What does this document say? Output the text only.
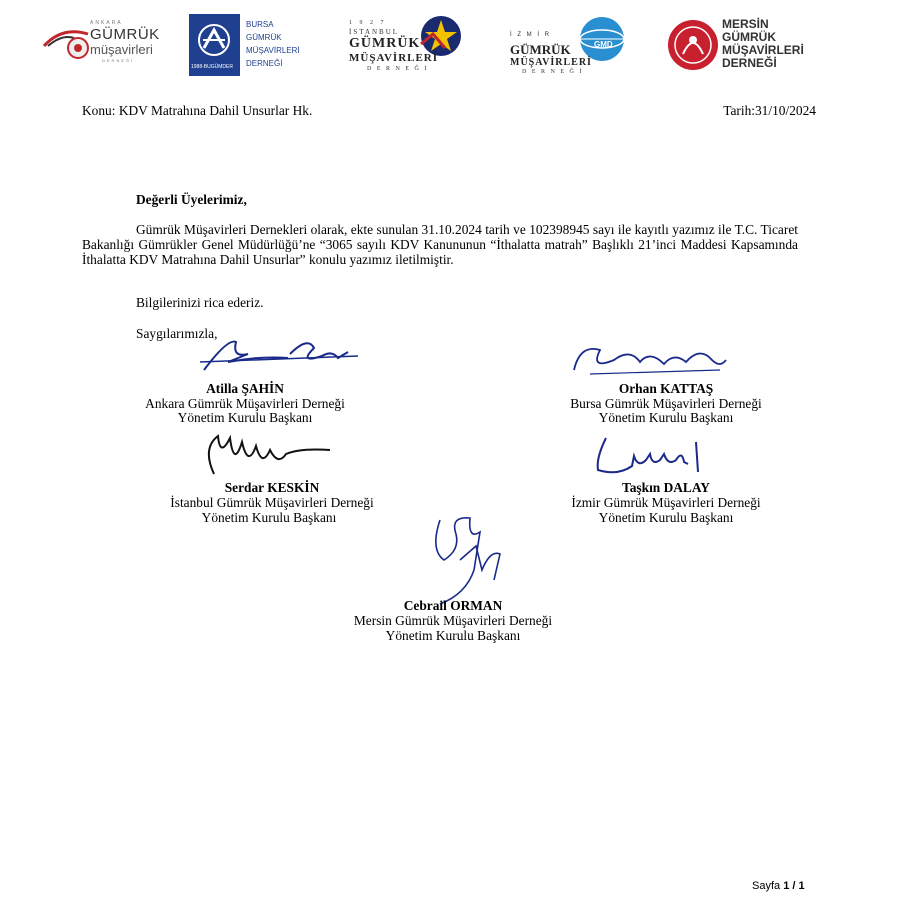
ANKARA
GÜMRÜK
müşavirleri
DERNEĞİ
1988-BUGÜMDER
BURSA
GÜMRÜK
MÜŞAVİRLERİ
DERNEĞİ
1 9 2 7
İSTANBUL
GÜMRÜK
MÜŞAVİRLERİ
D E R N E Ğ İ
İ Z M İ R
GMD
GÜMRÜK
MÜŞAVİRLERİ
D E R N E Ğ İ
MERSİN
GÜMRÜK
MÜŞAVİRLERİ
DERNEĞİ
Konu: KDV Matrahına Dahil Unsurlar Hk.	Tarih:31/10/2024
Değerli Üyelerimiz,
Gümrük Müşavirleri Dernekleri olarak, ekte sunulan 31.10.2024 tarih ve 102398945 sayı ile kayıtlı yazımız ile T.C. Ticaret Bakanlığı Gümrükler Genel Müdürlüğü’ne “3065 sayılı KDV Kanununun “İthalatta matrah” Başlıklı 21’inci Maddesi Kapsamında İthalatta KDV Matrahına Dahil Unsurlar” konulu yazımız iletilmiştir.
Bilgilerinizi rica ederiz.
Saygılarımızla,
Atilla ŞAHİN
Ankara Gümrük Müşavirleri Derneği
Yönetim Kurulu Başkanı
Orhan KATTAŞ
Bursa Gümrük Müşavirleri Derneği
Yönetim Kurulu Başkanı
Serdar KESKİN
İstanbul Gümrük Müşavirleri Derneği
Yönetim Kurulu Başkanı
Taşkın DALAY
İzmir Gümrük Müşavirleri Derneği
Yönetim Kurulu Başkanı
Cebrail ORMAN
Mersin Gümrük Müşavirleri Derneği
Yönetim Kurulu Başkanı
Sayfa 1 / 1
